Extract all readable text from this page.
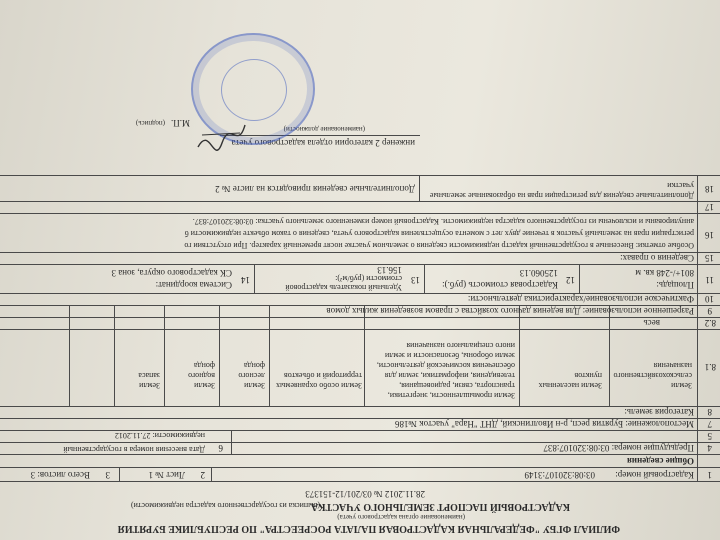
ФИЛИАЛ ФГБУ "ФЕДЕРАЛЬНАЯ КАДАСТРОВАЯ ПАЛАТА РОСРЕЕСТРА" ПО РЕСПУБЛИКЕ БУРЯТИЯ
(наименование органа кадастрового учета)
КАДАСТРОВЫЙ ПАСПОРТ ЗЕМЕЛЬНОГО УЧАСТКА
(выписка из государственного кадастра недвижимости)
28.11.2012 № 03/201/12-151373
1
Кадастровый номер:
03:08:320107:3149
2
Лист № 1
3
Всего листов: 3
Общие сведения
4
Предыдущие номера: 03:08:320107:837
6
Дата внесения номера в государственный
недвижимости: 27.11.2012	5
7
Местоположение: Бурятия респ, р-н Иволгинский, ДНТ "Нара" участок №186
8
Категория земель:
8.1
Земли сельскохозяйственного назначения
Земли населенных пунктов
Земли промышленности, энергетики, транспорта, связи, радиовещания, телевидения, информатики, земли для обеспечения космической деятельности, земли обороны, безопасности и земли иного специального назначения
Земли особо охраняемых территорий и объектов
Земли лесного фонда
Земли водного фонда
Земли запаса
8.2
весь
9
Разрешенное использование: Для ведения дачного хозяйства с правом возведения жилых домов
10
Фактическое использование/характеристика деятельности:
11
Площадь:
801+/-248 кв. м
12
Кадастровая стоимость (руб.):
125060.13
13
Удельный показатель кадастровой стоимости (руб/м²):
156.13
14
Система координат:
СК кадастрового округа, зона 3
15
Сведения о правах:
16
Особые отметки: Внесенные в государственный кадастр недвижимости сведения о земельном участке носят временный характер. При отсутствии го
регистрации прав на земельный участок в течение двух лет с момента осуществления кадастрового учета, сведения о таком объекте недвижимости б
аннулированы и исключены из государственного кадастра недвижимости. Кадастровый номер измененного земельного участка: 03:08:320107:837.
17
18
Дополнительные сведения для регистрации прав на образованные земельные участки
Дополнительные сведения приводятся на листе № 2
инженер 2 категории отдела кадастрового учета
(наименование должности)
М.П.
(подпись)
